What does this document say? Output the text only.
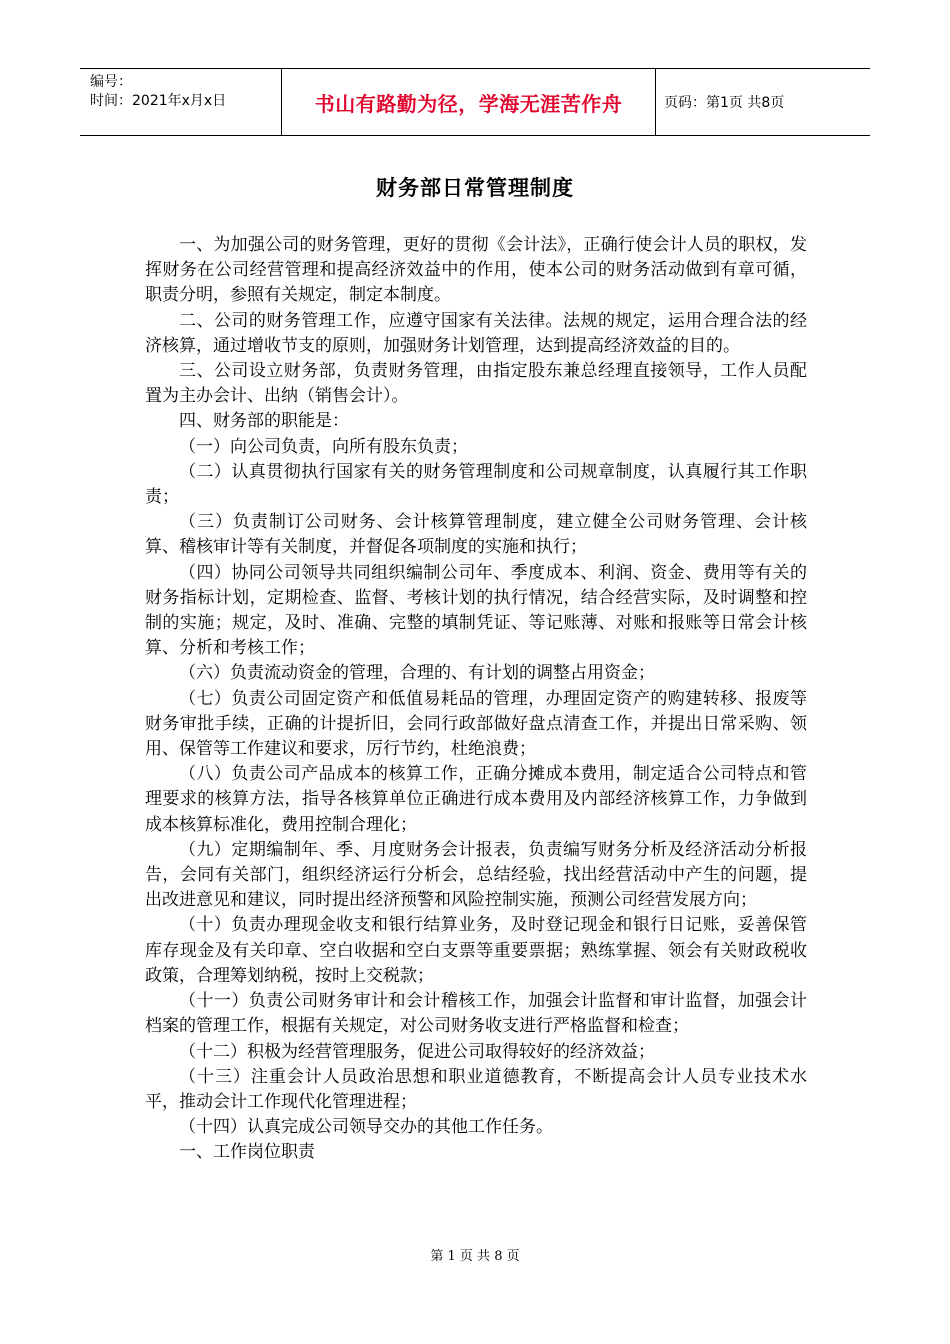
编号：
时间：2021年x月x日	书山有路勤为径，学海无涯苦作舟	页码：第1页 共8页
财务部日常管理制度

一、为加强公司的财务管理，更好的贯彻《会计法》，正确行使会计人员的职权，发挥财务在公司经营管理和提高经济效益中的作用，使本公司的财务活动做到有章可循，职责分明，参照有关规定，制定本制度。

二、公司的财务管理工作，应遵守国家有关法律。法规的规定，运用合理合法的经济核算，通过增收节支的原则，加强财务计划管理，达到提高经济效益的目的。

三、公司设立财务部，负责财务管理，由指定股东兼总经理直接领导，工作人员配置为主办会计、出纳（销售会计）。

四、财务部的职能是：

（一）向公司负责，向所有股东负责；

（二）认真贯彻执行国家有关的财务管理制度和公司规章制度，认真履行其工作职责；

（三）负责制订公司财务、会计核算管理制度，建立健全公司财务管理、会计核算、稽核审计等有关制度，并督促各项制度的实施和执行；

（四）协同公司领导共同组织编制公司年、季度成本、利润、资金、费用等有关的财务指标计划，定期检查、监督、考核计划的执行情况，结合经营实际，及时调整和控制的实施；规定，及时、准确、完整的填制凭证、等记账薄、对账和报账等日常会计核算、分析和考核工作；

（六）负责流动资金的管理，合理的、有计划的调整占用资金；

（七）负责公司固定资产和低值易耗品的管理，办理固定资产的购建转移、报废等财务审批手续，正确的计提折旧，会同行政部做好盘点清查工作，并提出日常采购、领用、保管等工作建议和要求，厉行节约，杜绝浪费；

（八）负责公司产品成本的核算工作，正确分摊成本费用，制定适合公司特点和管理要求的核算方法，指导各核算单位正确进行成本费用及内部经济核算工作，力争做到成本核算标准化，费用控制合理化；

（九）定期编制年、季、月度财务会计报表，负责编写财务分析及经济活动分析报告，会同有关部门，组织经济运行分析会，总结经验，找出经营活动中产生的问题，提出改进意见和建议，同时提出经济预警和风险控制实施，预测公司经营发展方向；

（十）负责办理现金收支和银行结算业务，及时登记现金和银行日记账，妥善保管库存现金及有关印章、空白收据和空白支票等重要票据；熟练掌握、领会有关财政税收政策，合理筹划纳税，按时上交税款；

（十一）负责公司财务审计和会计稽核工作，加强会计监督和审计监督，加强会计档案的管理工作，根据有关规定，对公司财务收支进行严格监督和检查；

（十二）积极为经营管理服务，促进公司取得较好的经济效益；

（十三）注重会计人员政治思想和职业道德教育，不断提高会计人员专业技术水平，推动会计工作现代化管理进程；

（十四）认真完成公司领导交办的其他工作任务。

一、工作岗位职责

第 1 页 共 8 页
